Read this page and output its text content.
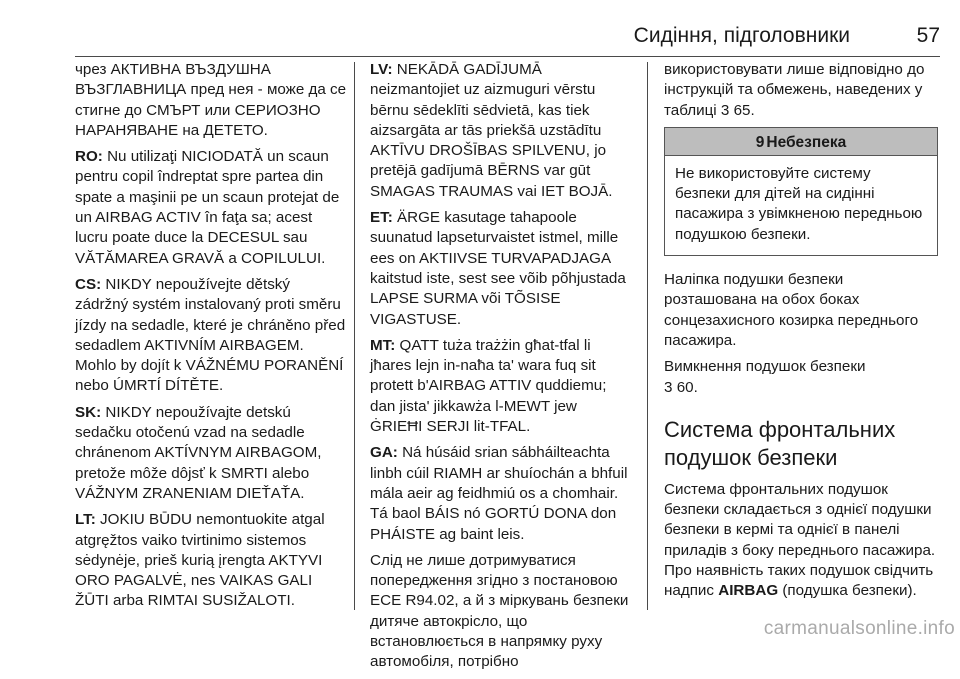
Сидіння, підголовники	57

чрез АКТИВНА ВЪЗДУШНА ВЪЗГЛАВНИЦА пред нея - може да се стигне до СМЪРТ или СЕРИОЗНО НАРАНЯВАНЕ на ДЕТЕТО.

RO: Nu utilizaţi NICIODATĂ un scaun pentru copil îndreptat spre partea din spate a maşinii pe un scaun protejat de un AIRBAG ACTIV în faţa sa; acest lucru poate duce la DECESUL sau VĂTĂMAREA GRAVĂ a COPILULUI.

CS: NIKDY nepoužívejte dětský zádržný systém instalovaný proti směru jízdy na sedadle, které je chráněno před sedadlem AKTIVNÍM AIRBAGEM. Mohlo by dojít k VÁŽNÉMU PORANĚNÍ nebo ÚMRTÍ DÍTĚTE.

SK: NIKDY nepoužívajte detskú sedačku otočenú vzad na sedadle chránenom AKTÍVNYM AIRBAGOM, pretože môže dôjsť k SMRTI alebo VÁŽNYM ZRANENIAM DIEŤAŤA.

LT: JOKIU BŪDU nemontuokite atgal atgręžtos vaiko tvirtinimo sistemos sėdynėje, prieš kurią įrengta AKTYVI ORO PAGALVĖ, nes VAIKAS GALI ŽŪTI arba RIMTAI SUSIŽALOTI.

LV: NEKĀDĀ GADĪJUMĀ neizmantojiet uz aizmuguri vērstu bērnu sēdeklīti sēdvietā, kas tiek aizsargāta ar tās priekšā uzstādītu AKTĪVU DROŠĪBAS SPILVENU, jo pretējā gadījumā BĒRNS var gūt SMAGAS TRAUMAS vai IET BOJĀ.

ET: ÄRGE kasutage tahapoole suunatud lapseturvaistet istmel, mille ees on AKTIIVSE TURVAPADJAGA kaitstud iste, sest see võib põhjustada LAPSE SURMA või TÕSISE VIGASTUSE.

MT: QATT tuża trażżin għat-tfal li jħares lejn in-naħa ta' wara fuq sit protett b'AIRBAG ATTIV quddiemu; dan jista' jikkawża l-MEWT jew ĠRIEĦI SERJI lit-TFAL.

GA: Ná húsáid srian sábháilteachta linbh cúil RIAMH ar shuíochán a bhfuil mála aeir ag feidhmiú os a chomhair. Tá baol BÁIS nó GORTÚ DONA don PHÁISTE ag baint leis.

Слід не лише дотримуватися попередження згідно з постановою ECE R94.02, а й з міркувань безпеки дитяче автокрісло, що встановлюється в напрямку руху автомобіля, потрібно

використовувати лише відповідно до інструкцій та обмежень, наведених у таблиці 3 65.

9 Небезпека
Не використовуйте систему безпеки для дітей на сидінні пасажира з увімкненою передньою подушкою безпеки.

Наліпка подушки безпеки розташована на обох боках сонцезахисного козирка переднього пасажира.

Вимкнення подушок безпеки
3 60.

Система фронтальних подушок безпеки

Система фронтальних подушок безпеки складається з однієї подушки безпеки в кермі та однієї в панелі приладів з боку переднього пасажира. Про наявність таких подушок свідчить надпис AIRBAG (подушка безпеки).

carmanualsonline.info
